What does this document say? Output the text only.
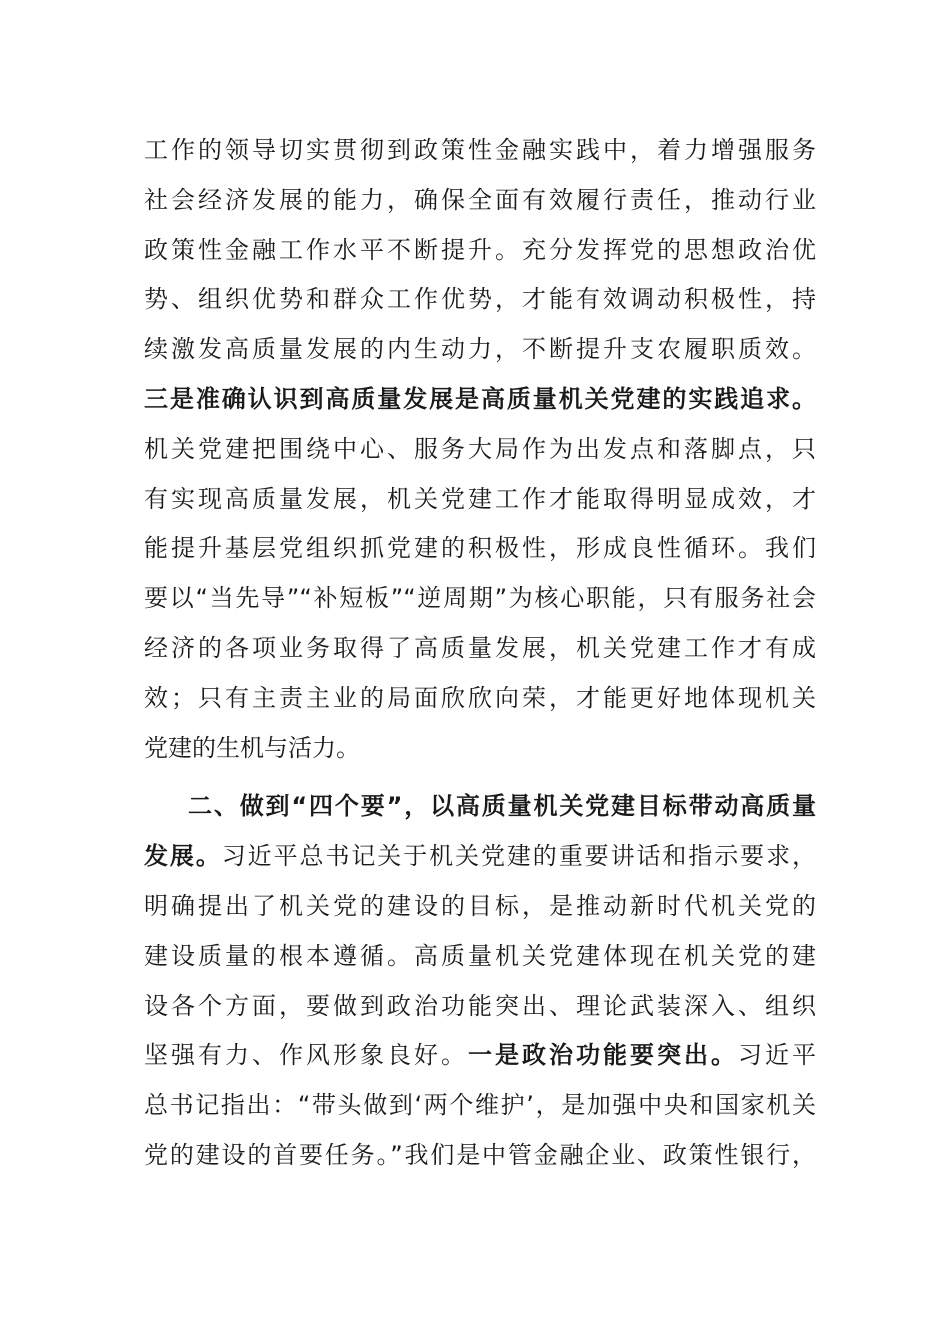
工作的领导切实贯彻到政策性金融实践中，着力增强服务
社会经济发展的能力，确保全面有效履行责任，推动行业
政策性金融工作水平不断提升。充分发挥党的思想政治优
势、组织优势和群众工作优势，才能有效调动积极性，持
续激发高质量发展的内生动力，不断提升支农履职质效。
三是准确认识到高质量发展是高质量机关党建的实践追求。
机关党建把围绕中心、服务大局作为出发点和落脚点，只
有实现高质量发展，机关党建工作才能取得明显成效，才
能提升基层党组织抓党建的积极性，形成良性循环。我们
要以“当先导”“补短板”“逆周期”为核心职能，只有服务社会
经济的各项业务取得了高质量发展，机关党建工作才有成
效；只有主责主业的局面欣欣向荣，才能更好地体现机关
党建的生机与活力。
二、做到“四个要”，以高质量机关党建目标带动高质量
发展。习近平总书记关于机关党建的重要讲话和指示要求，
明确提出了机关党的建设的目标，是推动新时代机关党的
建设质量的根本遵循。高质量机关党建体现在机关党的建
设各个方面，要做到政治功能突出、理论武装深入、组织
坚强有力、作风形象良好。一是政治功能要突出。习近平
总书记指出：“带头做到‘两个维护’，是加强中央和国家机关
党的建设的首要任务。”我们是中管金融企业、政策性银行，
